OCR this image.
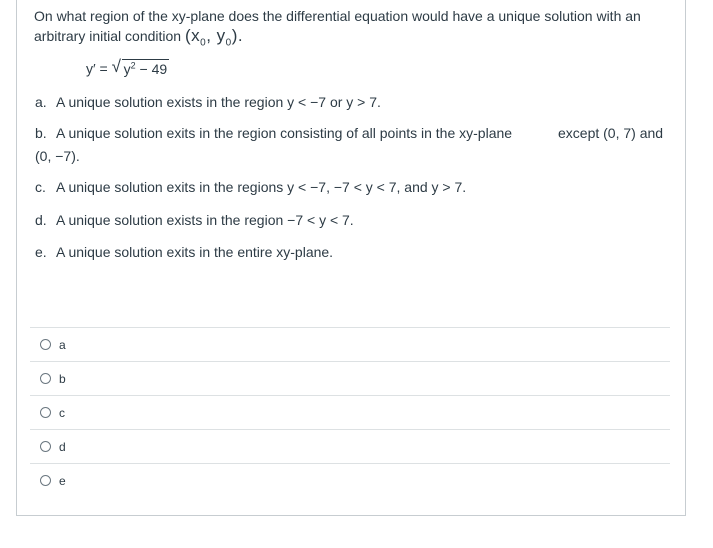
On what region of the xy-plane does the differential equation would have a unique solution with an arbitrary initial condition ($x_0$, $y_0$).
y′ = √ $y^2 - 49$
a. A unique solution exists in the region y < −7 or y > 7.
b. A unique solution exits in the region consisting of all points in the xy-plane	except (0, 7) and
(0, −7).
c. A unique solution exits in the regions y < −7, −7 < y < 7, and y > 7.
d. A unique solution exists in the region −7 < y < 7.
e. A unique solution exits in the entire xy-plane.
a
b
c
d
e
